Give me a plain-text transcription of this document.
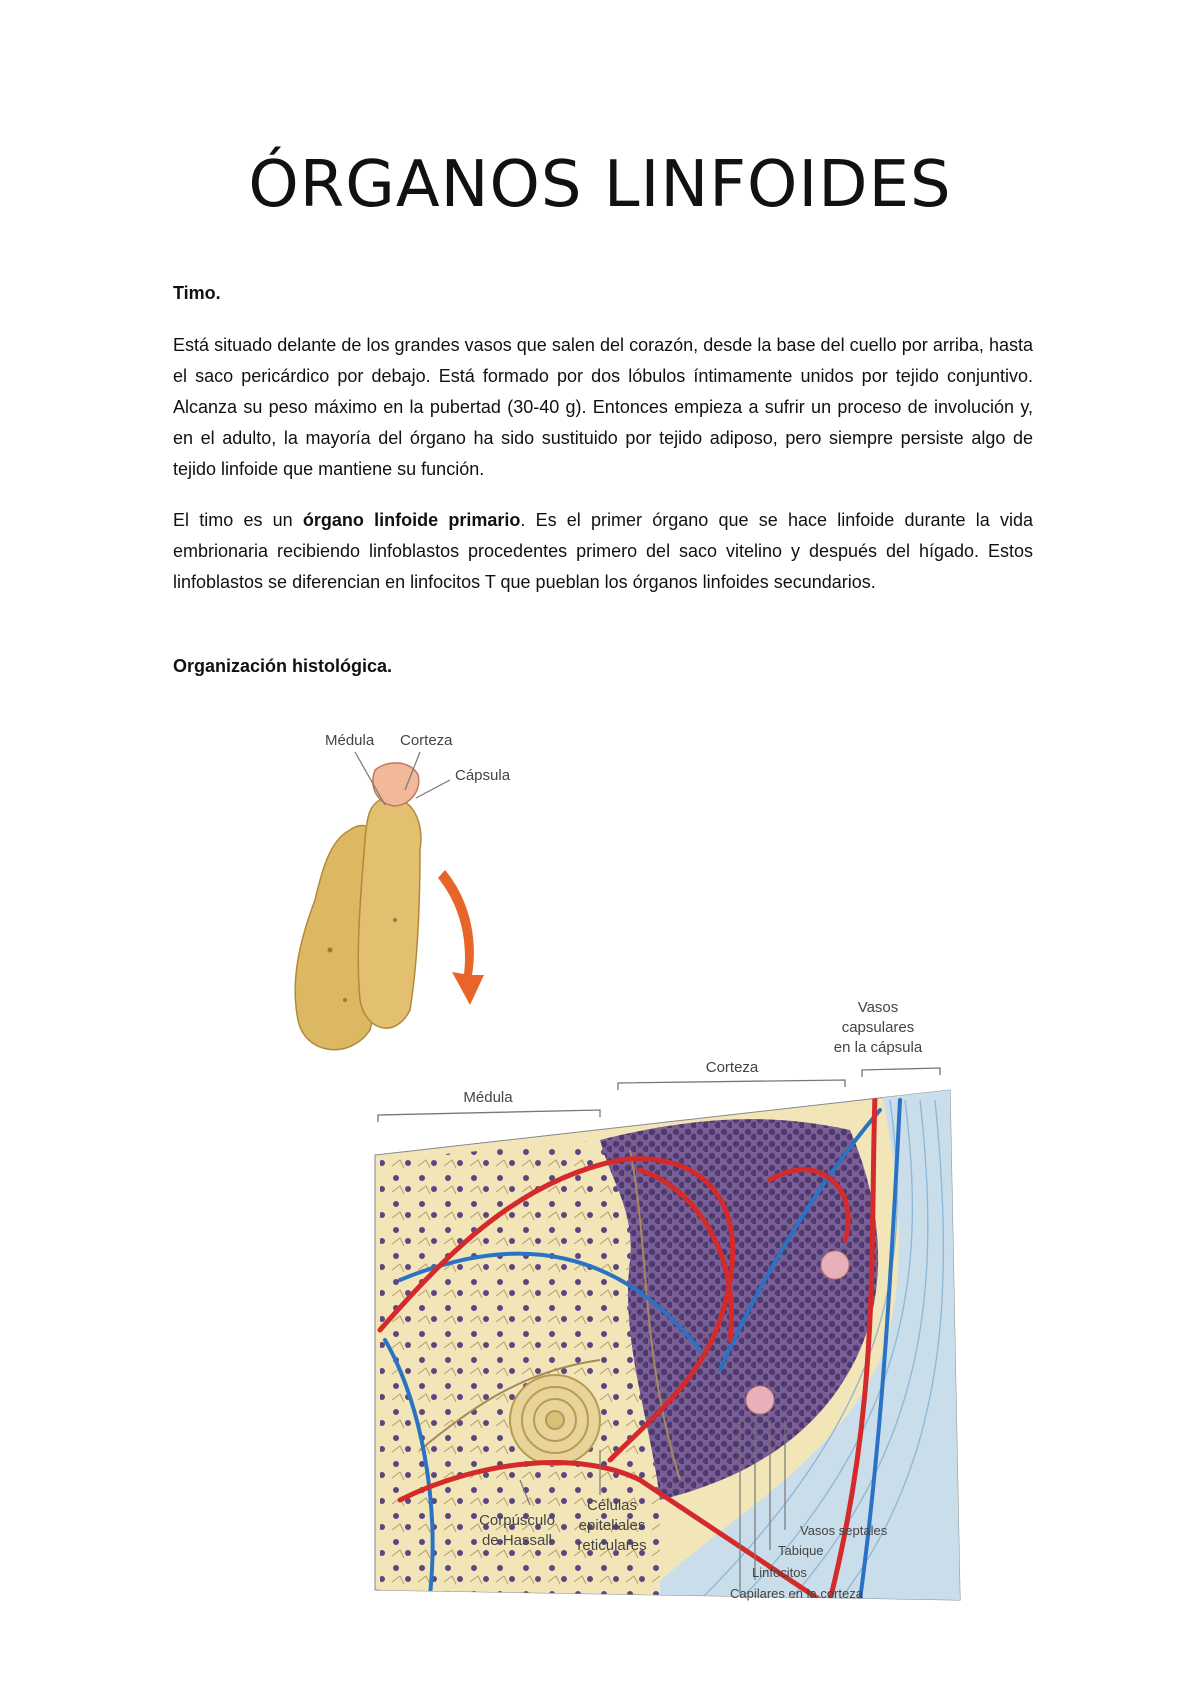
ÓRGANOS LINFOIDES
Timo.

Está situado delante de los grandes vasos que salen del corazón, desde la base del cuello por arriba, hasta el saco pericárdico por debajo. Está formado por dos lóbulos íntimamente unidos por tejido conjuntivo. Alcanza su peso máximo en la pubertad (30-40 g). Entonces empieza a sufrir un proceso de involución y, en el adulto, la mayoría del órgano ha sido sustituido por tejido adiposo, pero siempre persiste algo de tejido linfoide que mantiene su función.

El timo es un órgano linfoide primario. Es el primer órgano que se hace linfoide durante la vida embrionaria recibiendo linfoblastos procedentes primero del saco vitelino y después del hígado. Estos linfoblastos se diferencian en linfocitos T que pueblan los órganos linfoides secundarios.

Organización histológica.
Médula Corteza
Cápsula
Vasos
capsulares
en la cápsula
Corteza
Médula
Corpúsculo
de Hassall
Células
epiteliales
reticulares
Vasos septales
Tabique
Linfocitos
Capilares en la corteza
